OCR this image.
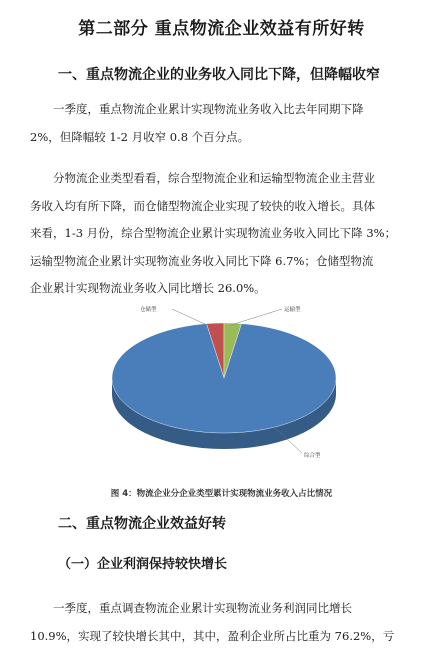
第二部分 重点物流企业效益有所好转
一、重点物流企业的业务收入同比下降，但降幅收窄

一季度，重点物流企业累计实现物流业务收入比去年同期下降
2%，但降幅较 1-2 月收窄 0.8 个百分点。

分物流企业类型看看，综合型物流企业和运输型物流企业主营业
务收入均有所下降，而仓储型物流企业实现了较快的收入增长。具体
来看，1-3 月份，综合型物流企业累计实现物流业务收入同比下降 3%；
运输型物流企业累计实现物流业务收入同比下降 6.7%；仓储型物流
企业累计实现物流业务收入同比增长 26.0%。

仓储型	运输型
综合型
图 4：物流企业分企业类型累计实现物流业务收入占比情况
二、重点物流企业效益好转
（一）企业利润保持较快增长

一季度，重点调查物流企业累计实现物流业务利润同比增长
10.9%，实现了较快增长其中，其中，盈利企业所占比重为 76.2%，亏
